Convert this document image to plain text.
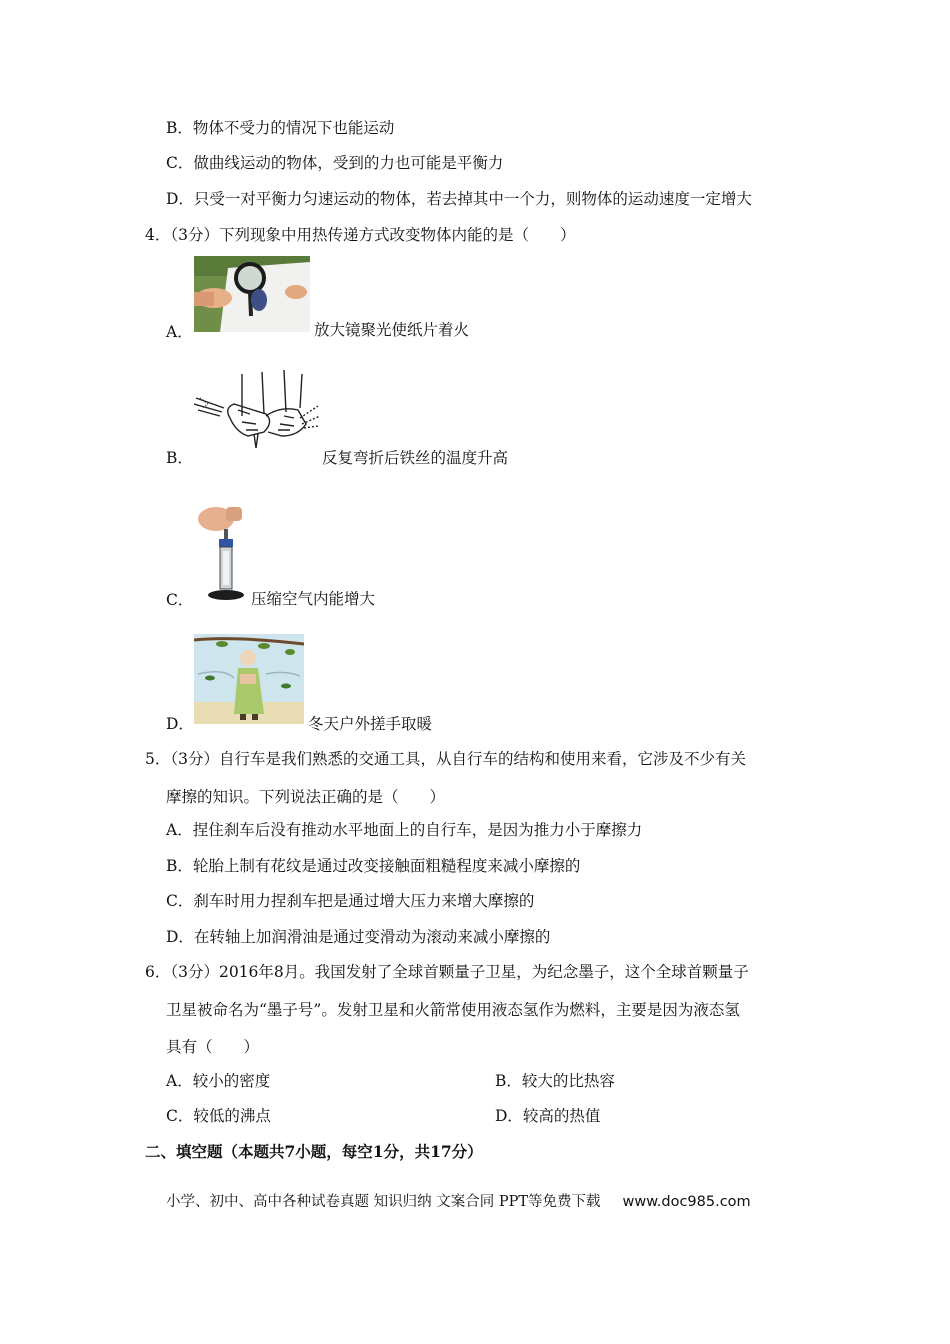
B．物体不受力的情况下也能运动
C．做曲线运动的物体，受到的力也可能是平衡力
D．只受一对平衡力匀速运动的物体，若去掉其中一个力，则物体的运动速度一定增大
4．（3分）下列现象中用热传递方式改变物体内能的是（　　）
A．	放大镜聚光使纸片着火
B．	反复弯折后铁丝的温度升高
C．	压缩空气内能增大
D．	冬天户外搓手取暖
5．（3分）自行车是我们熟悉的交通工具，从自行车的结构和使用来看，它涉及不少有关
摩擦的知识。下列说法正确的是（　　）
A．捏住刹车后没有推动水平地面上的自行车，是因为推力小于摩擦力
B．轮胎上制有花纹是通过改变接触面粗糙程度来减小摩擦的
C．刹车时用力捏刹车把是通过增大压力来增大摩擦的
D．在转轴上加润滑油是通过变滑动为滚动来减小摩擦的
6．（3分）2016年8月。我国发射了全球首颗量子卫星，为纪念墨子，这个全球首颗量子
卫星被命名为“墨子号”。发射卫星和火箭常使用液态氢作为燃料，主要是因为液态氢
具有（　　）
A．较小的密度	B．较大的比热容
C．较低的沸点	D．较高的热值
二、填空题（本题共7小题，每空1分，共17分）
小学、初中、高中各种试卷真题 知识归纳 文案合同 PPT等免费下载 www.doc985.com
